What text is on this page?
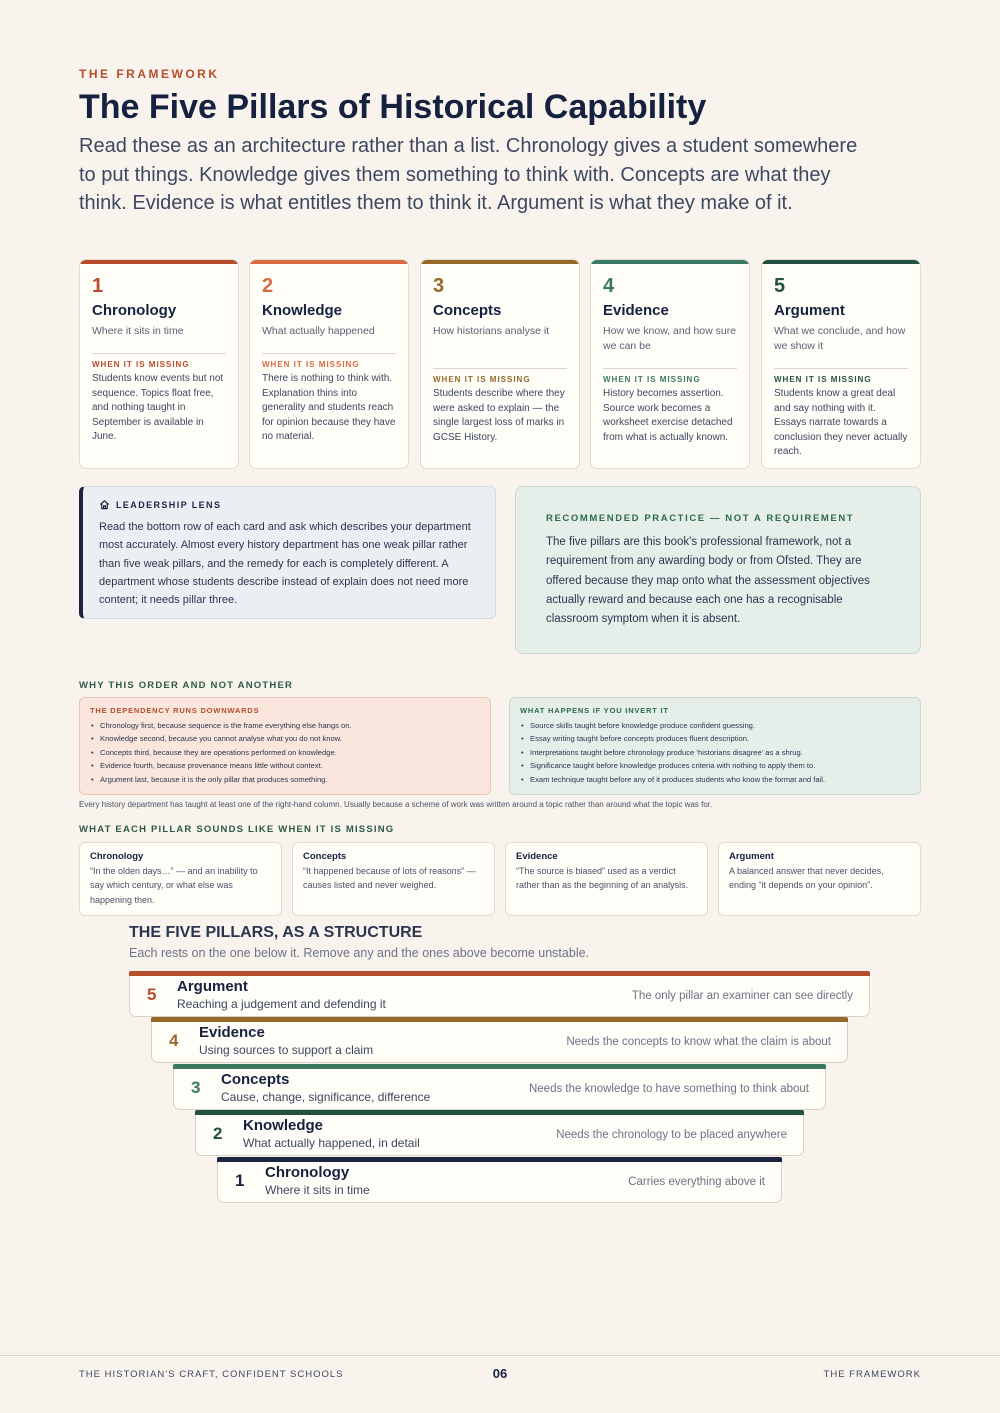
THE FRAMEWORK
The Five Pillars of Historical Capability

Read these as an architecture rather than a list. Chronology gives a student somewhere to put things. Knowledge gives them something to think with. Concepts are what they think. Evidence is what entitles them to think it. Argument is what they make of it.

1
Chronology
Where it sits in time
WHEN IT IS MISSING
Students know events but not sequence. Topics float free, and nothing taught in September is available in June.
2
Knowledge
What actually happened
WHEN IT IS MISSING
There is nothing to think with. Explanation thins into generality and students reach for opinion because they have no material.
3
Concepts
How historians analyse it
WHEN IT IS MISSING
Students describe where they were asked to explain — the single largest loss of marks in GCSE History.
4
Evidence
How we know, and how sure we can be
WHEN IT IS MISSING
History becomes assertion. Source work becomes a worksheet exercise detached from what is actually known.
5
Argument
What we conclude, and how we show it
WHEN IT IS MISSING
Students know a great deal and say nothing with it. Essays narrate towards a conclusion they never actually reach.
LEADERSHIP LENS

Read the bottom row of each card and ask which describes your department most accurately. Almost every history department has one weak pillar rather than five weak pillars, and the remedy for each is completely different. A department whose students describe instead of explain does not need more content; it needs pillar three.

RECOMMENDED PRACTICE — NOT A REQUIREMENT

The five pillars are this book's professional framework, not a requirement from any awarding body or from Ofsted. They are offered because they map onto what the assessment objectives actually reward and because each one has a recognisable classroom symptom when it is absent.

WHY THIS ORDER AND NOT ANOTHER
THE DEPENDENCY RUNS DOWNWARDS
• Chronology first, because sequence is the frame everything else hangs on.
• Knowledge second, because you cannot analyse what you do not know.
• Concepts third, because they are operations performed on knowledge.
• Evidence fourth, because provenance means little without context.
• Argument last, because it is the only pillar that produces something.
WHAT HAPPENS IF YOU INVERT IT
• Source skills taught before knowledge produce confident guessing.
• Essay writing taught before concepts produces fluent description.
• Interpretations taught before chronology produce ‘historians disagree’ as a shrug.
• Significance taught before knowledge produces criteria with nothing to apply them to.
• Exam technique taught before any of it produces students who know the format and fail.
Every history department has taught at least one of the right-hand column. Usually because a scheme of work was written around a topic rather than around what the topic was for.
WHAT EACH PILLAR SOUNDS LIKE WHEN IT IS MISSING
Chronology
“In the olden days…” — and an inability to say which century, or what else was happening then.
Concepts
“It happened because of lots of reasons” — causes listed and never weighed.
Evidence
“The source is biased” used as a verdict rather than as the beginning of an analysis.
Argument
A balanced answer that never decides, ending “it depends on your opinion”.
THE FIVE PILLARS, AS A STRUCTURE
Each rests on the one below it. Remove any and the ones above become unstable.
5 Argument
Reaching a judgement and defending it
The only pillar an examiner can see directly
4 Evidence
Using sources to support a claim
Needs the concepts to know what the claim is about
3 Concepts
Cause, change, significance, difference
Needs the knowledge to have something to think about
2 Knowledge
What actually happened, in detail
Needs the chronology to be placed anywhere
1 Chronology
Where it sits in time
Carries everything above it
THE HISTORIAN’S CRAFT, CONFIDENT SCHOOLS	06	THE FRAMEWORK
